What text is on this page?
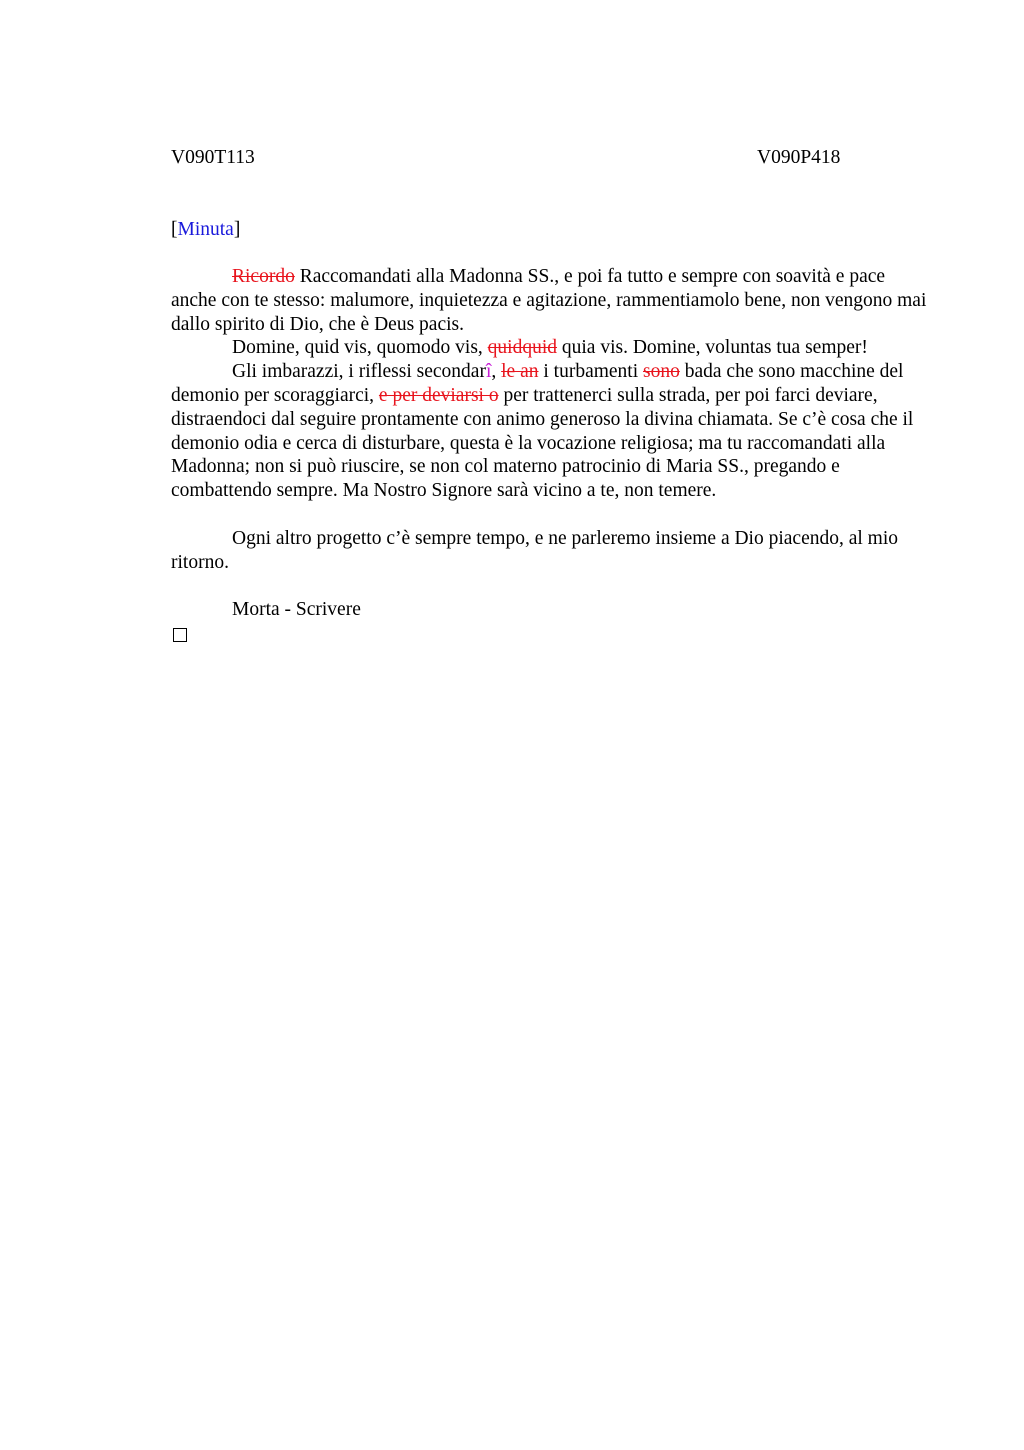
V090T113	V090P418
[Minuta]

Ricordo Raccomandati alla Madonna SS., e poi fa tutto e sempre con soavità e pace anche con te stesso: malumore, inquietezza e agitazione, rammentiamolo bene, non vengono mai dallo spirito di Dio, che è Deus pacis.

Domine, quid vis, quomodo vis, quidquid quia vis. Domine, voluntas tua semper!

Gli imbarazzi, i riflessi secondarî, le an i turbamenti sono bada che sono macchine del demonio per scoraggiarci, e per deviarsi o per trattenerci sulla strada, per poi farci deviare, distraendoci dal seguire prontamente con animo generoso la divina chiamata. Se c’è cosa che il demonio odia e cerca di disturbare, questa è la vocazione religiosa; ma tu raccomandati alla Madonna; non si può riuscire, se non col materno patrocinio di Maria SS., pregando e combattendo sempre. Ma Nostro Signore sarà vicino a te, non temere.

Ogni altro progetto c’è sempre tempo, e ne parleremo insieme a Dio piacendo, al mio ritorno.

Morta - Scrivere
